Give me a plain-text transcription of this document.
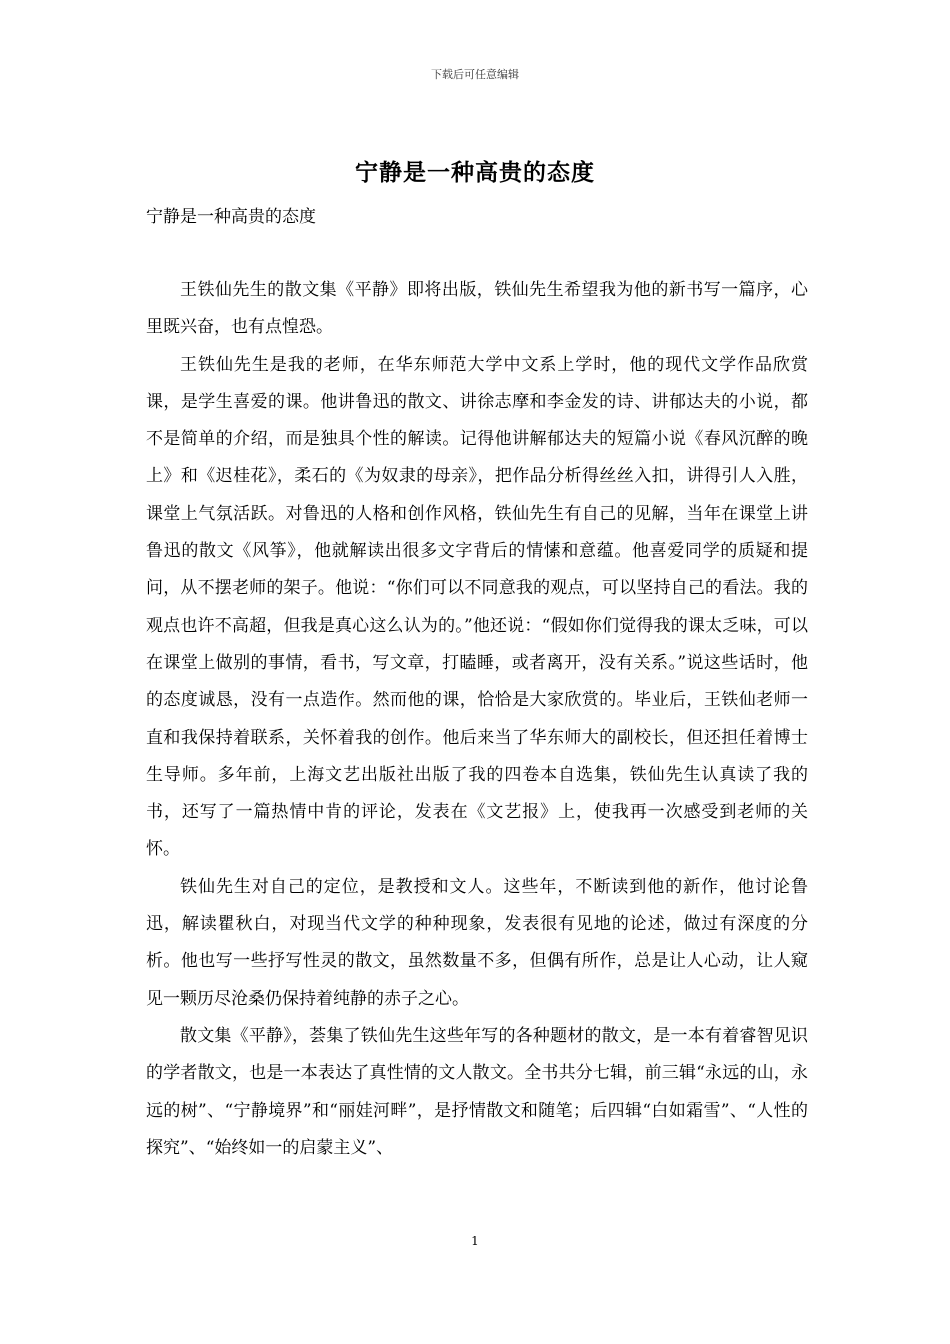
下载后可任意编辑
宁静是一种高贵的态度
宁静是一种高贵的态度

王铁仙先生的散文集《平静》即将出版，铁仙先生希望我为他的新书写一篇序，心里既兴奋，也有点惶恐。

王铁仙先生是我的老师，在华东师范大学中文系上学时，他的现代文学作品欣赏课，是学生喜爱的课。他讲鲁迅的散文、讲徐志摩和李金发的诗、讲郁达夫的小说，都不是简单的介绍，而是独具个性的解读。记得他讲解郁达夫的短篇小说《春风沉醉的晚上》和《迟桂花》，柔石的《为奴隶的母亲》，把作品分析得丝丝入扣，讲得引人入胜，课堂上气氛活跃。对鲁迅的人格和创作风格，铁仙先生有自己的见解，当年在课堂上讲鲁迅的散文《风筝》，他就解读出很多文字背后的情愫和意蕴。他喜爱同学的质疑和提问，从不摆老师的架子。他说：“你们可以不同意我的观点，可以坚持自己的看法。我的观点也许不高超，但我是真心这么认为的。”他还说：“假如你们觉得我的课太乏味，可以在课堂上做别的事情，看书，写文章，打瞌睡，或者离开，没有关系。”说这些话时，他的态度诚恳，没有一点造作。然而他的课，恰恰是大家欣赏的。毕业后，王铁仙老师一直和我保持着联系，关怀着我的创作。他后来当了华东师大的副校长，但还担任着博士生导师。多年前，上海文艺出版社出版了我的四卷本自选集，铁仙先生认真读了我的书，还写了一篇热情中肯的评论，发表在《文艺报》上，使我再一次感受到老师的关怀。

铁仙先生对自己的定位，是教授和文人。这些年，不断读到他的新作，他讨论鲁迅，解读瞿秋白，对现当代文学的种种现象，发表很有见地的论述，做过有深度的分析。他也写一些抒写性灵的散文，虽然数量不多，但偶有所作，总是让人心动，让人窥见一颗历尽沧桑仍保持着纯静的赤子之心。

散文集《平静》，荟集了铁仙先生这些年写的各种题材的散文，是一本有着睿智见识的学者散文，也是一本表达了真性情的文人散文。全书共分七辑，前三辑“永远的山，永远的树”、“宁静境界”和“丽娃河畔”，是抒情散文和随笔；后四辑“白如霜雪”、“人性的探究”、“始终如一的启蒙主义”、

1
